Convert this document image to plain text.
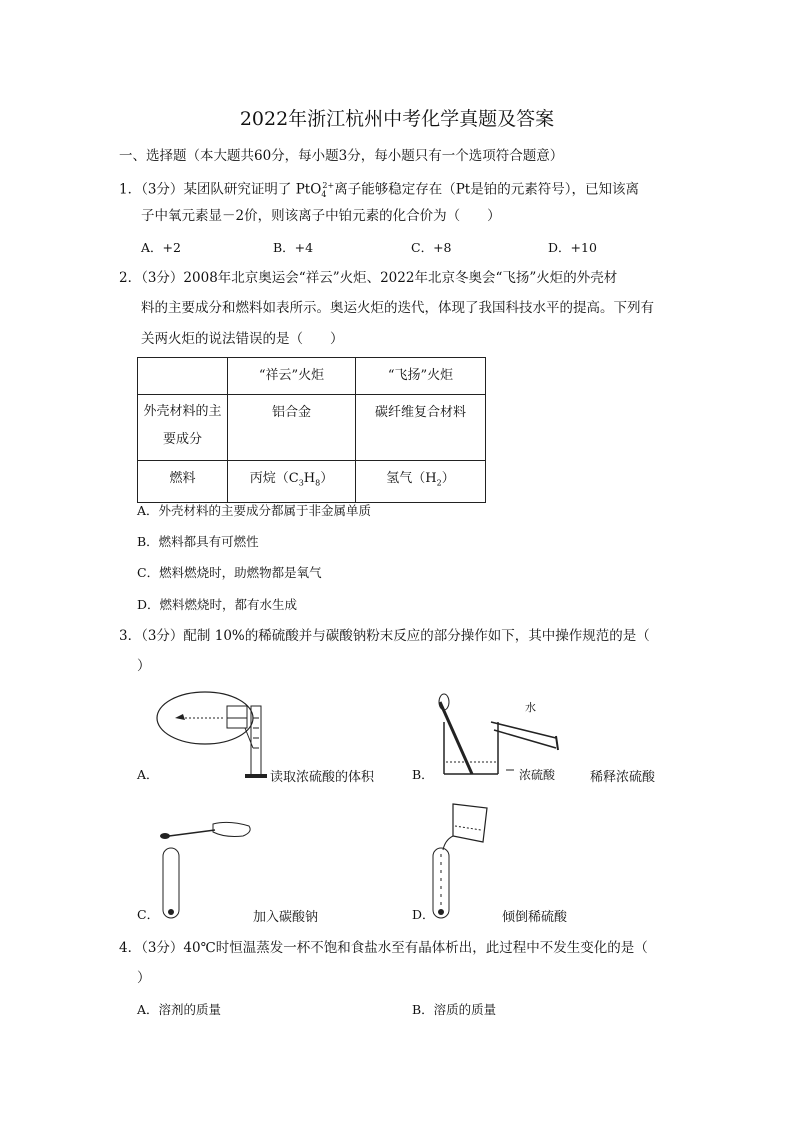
2022年浙江杭州中考化学真题及答案
一、选择题（本大题共60分，每小题3分，每小题只有一个选项符合题意）
1．（3分）某团队研究证明了 PtO$_4^{2+}$离子能够稳定存在（Pt是铂的元素符号），已知该离
子中氧元素显－2价，则该离子中铂元素的化合价为（　　）
A．+2	B．+4	C．+8	D．+10
2．（3分）2008年北京奥运会“祥云”火炬、2022年北京冬奥会“飞扬”火炬的外壳材
料的主要成分和燃料如表所示。奥运火炬的迭代，体现了我国科技水平的提高。下列有
关两火炬的说法错误的是（　　）
	“祥云”火炬	“飞扬”火炬

外壳材料的主
要成分	铝合金	碳纤维复合材料
燃料	丙烷$(C_3H_8)$	氢气$(H_2)$
A．外壳材料的主要成分都属于非金属单质
B．燃料都具有可燃性
C．燃料燃烧时，助燃物都是氧气
D．燃料燃烧时，都有水生成
3．（3分）配制 10%的稀硫酸并与碳酸钠粉末反应的部分操作如下，其中操作规范的是（
）
A．	读取浓硫酸的体积
水
浓硫酸
B．	稀释浓硫酸
C．	加入碳酸钠	D．	倾倒稀硫酸
4．（3分）40℃时恒温蒸发一杯不饱和食盐水至有晶体析出，此过程中不发生变化的是（
）
A．溶剂的质量	B．溶质的质量
